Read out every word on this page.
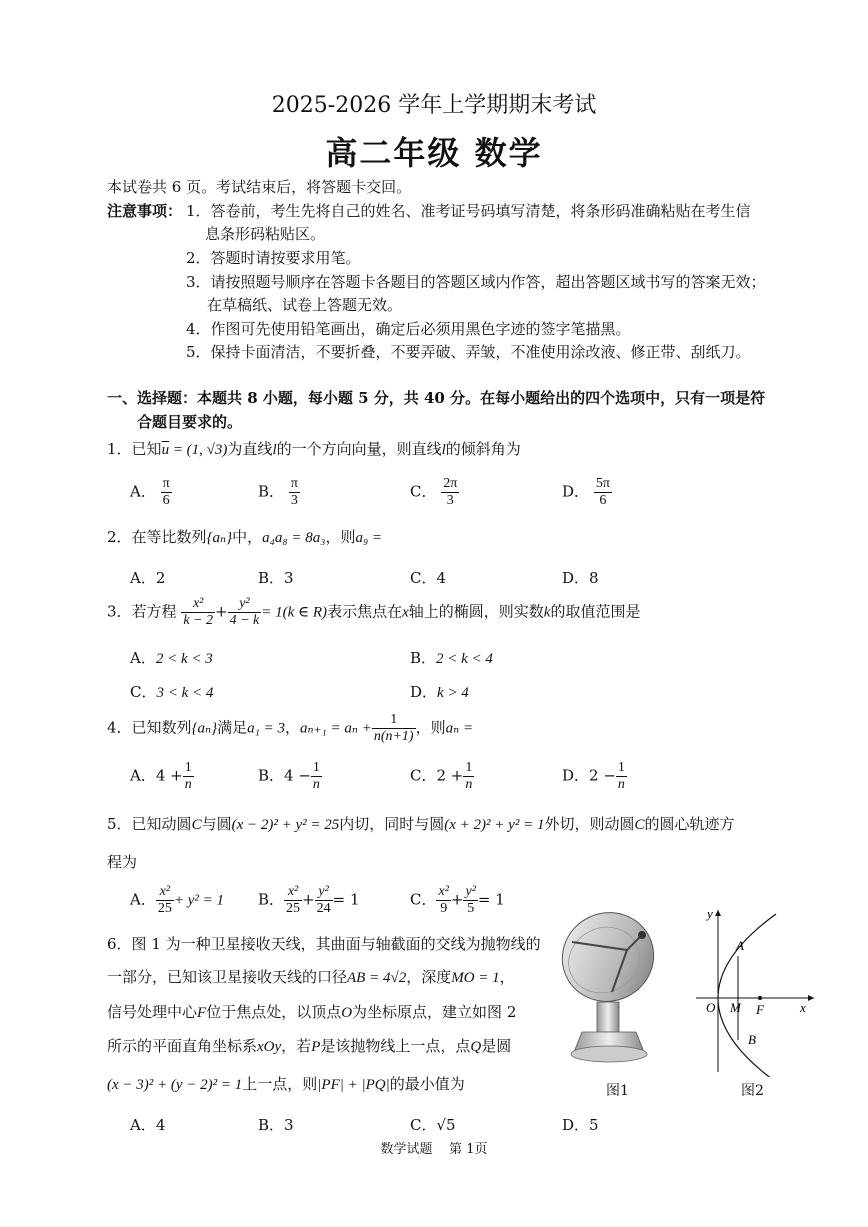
2025-2026 学年上学期期末考试
高二年级 数学
本试卷共 6 页。考试结束后，将答题卡交回。
注意事项： 1．答卷前，考生先将自己的姓名、准考证号码填写清楚，将条形码准确粘贴在考生信
息条形码粘贴区。
2．答题时请按要求用笔。
3．请按照题号顺序在答题卡各题目的答题区域内作答，超出答题区域书写的答案无效；
在草稿纸、试卷上答题无效。
4．作图可先使用铅笔画出，确定后必须用黑色字迹的签字笔描黑。
5．保持卡面清洁，不要折叠，不要弄破、弄皱，不准使用涂改液、修正带、刮纸刀。
一、选择题：本题共 8 小题，每小题 5 分，共 40 分。在每小题给出的四个选项中，只有一项是符
合题目要求的。
1．已知$\overline{u} = (1$, √3)为直线l的一个方向向量，则直线l的倾斜角为
A． $\frac{\pi}{6}$	B． $\frac{\pi}{3}$	C． $\frac{2\pi}{3}$	D． $\frac{5\pi}{6}$
2．在等比数列{aₙ}中，a₄a₈ = 8a₃，则a₉ =
A．2	B．3	C．4	D．8
3．若方程 $\frac{\text{x²}}{k - 2} + \frac{\text{y²}}{4 - k} = 1(k$ ∈ R)表示焦点在x轴上的椭圆，则实数k的取值范围是
A．2 < k < 3	B．2 < k < 4
C．3 < k < 4	D．k > 4
4．已知数列{aₙ}满足a₁ = 3，$a_{n+1} = a_n + \frac{1}{n(n+1)}$ ，则aₙ =
A．$4 + \frac{1}{n}$	B．$4 - \frac{1}{n}$	C．$2 + \frac{1}{n}$	D．$2 - \frac{1}{n}$
5．已知动圆C与圆(x − 2)² + y² = 25内切，同时与圆(x + 2)² + y² = 1外切，则动圆C的圆心轨迹方
程为
A． $\frac{\text{x²}}{25} + y^2 = 1$ B． $\frac{\text{x²}}{25} + \frac{\text{y²}}{24} = 1$	C． $\frac{\text{x²}}{9} + \frac{\text{y²}}{5} = 1$
6．图 1 为一种卫星接收天线，其曲面与轴截面的交线为抛物线的
一部分，已知该卫星接收天线的口径AB = 4√2，深度MO = 1，
信号处理中心F位于焦点处，以顶点O为坐标原点，建立如图 2
所示的平面直角坐标系xOy，若P是该抛物线上一点，点Q是圆
(x − 3)² + (y − 2)² = 1上一点，则|PF| + |PQ|的最小值为
A．4	B．3	C．√5	D．5
图1
y
x
A
B
O M F
图2
数学试题    第 1页
